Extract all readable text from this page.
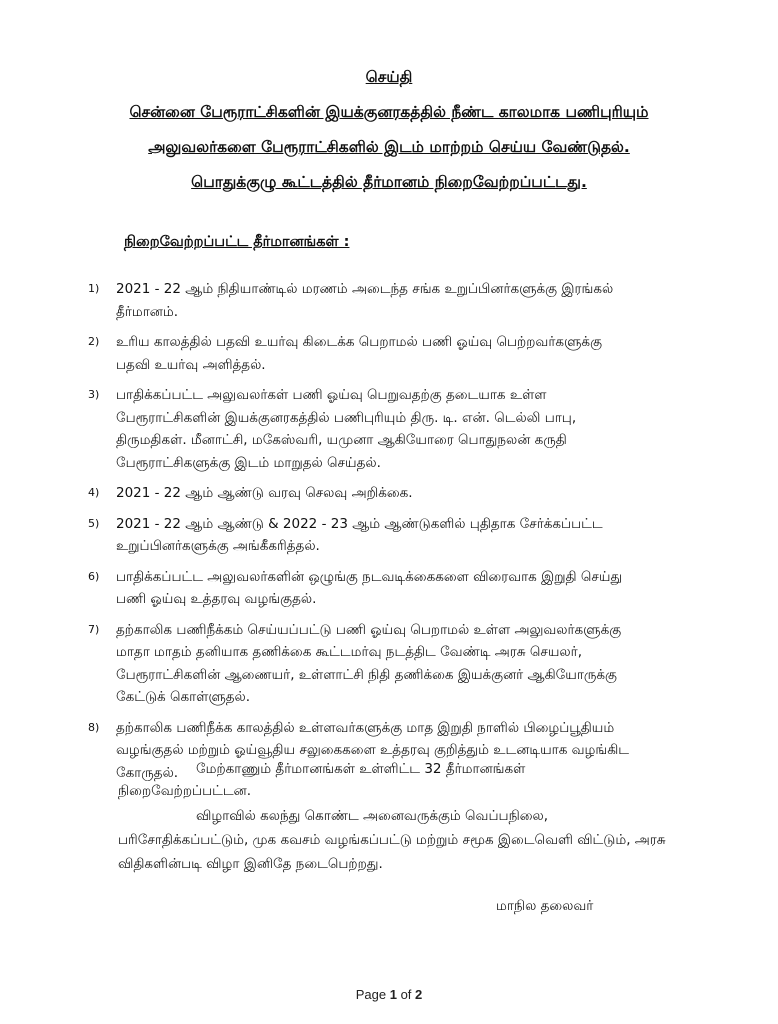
செய்தி
சென்னை பேரூராட்சிகளின் இயக்குனரகத்தில் நீண்ட காலமாக பணிபுரியும்
அலுவலர்களை பேரூராட்சிகளில் இடம் மாற்றம் செய்ய வேண்டுதல்.
பொதுக்குழு கூட்டத்தில் தீர்மானம் நிறைவேற்றப்பட்டது.
நிறைவேற்றப்பட்ட தீர்மானங்கள் :
1) 2021 - 22 ஆம் நிதியாண்டில் மரணம் அடைந்த சங்க உறுப்பினர்களுக்கு இரங்கல்
தீர்மானம்.
2) உரிய காலத்தில் பதவி உயர்வு கிடைக்க பெறாமல் பணி ஓய்வு பெற்றவர்களுக்கு
பதவி உயர்வு அளித்தல்.
3) பாதிக்கப்பட்ட அலுவலர்கள் பணி ஓய்வு பெறுவதற்கு தடையாக உள்ள
பேரூராட்சிகளின் இயக்குனரகத்தில் பணிபுரியும் திரு. டி. என். டெல்லி பாபு,
திருமதிகள். மீனாட்சி, மகேஸ்வரி, யமுனா ஆகியோரை பொதுநலன் கருதி
பேரூராட்சிகளுக்கு இடம் மாறுதல் செய்தல்.
4) 2021 - 22 ஆம் ஆண்டு வரவு செலவு அறிக்கை.
5) 2021 - 22 ஆம் ஆண்டு & 2022 - 23 ஆம் ஆண்டுகளில் புதிதாக சேர்க்கப்பட்ட
உறுப்பினர்களுக்கு அங்கீகரித்தல்.
6) பாதிக்கப்பட்ட அலுவலர்களின் ஒழுங்கு நடவடிக்கைகளை விரைவாக இறுதி செய்து
பணி ஓய்வு உத்தரவு வழங்குதல்.
7) தற்காலிக பணிநீக்கம் செய்யப்பட்டு பணி ஓய்வு பெறாமல் உள்ள அலுவலர்களுக்கு
மாதா மாதம் தனியாக தணிக்கை கூட்டமர்வு நடத்திட வேண்டி அரசு செயலர்,
பேரூராட்சிகளின் ஆணையர், உள்ளாட்சி நிதி தணிக்கை இயக்குனர் ஆகியோருக்கு
கேட்டுக் கொள்ளுதல்.
8) தற்காலிக பணிநீக்க காலத்தில் உள்ளவர்களுக்கு மாத இறுதி நாளில் பிழைப்பூதியம்
வழங்குதல் மற்றும் ஓய்வூதிய சலுகைகளை உத்தரவு குறித்தும் உடனடியாக வழங்கிட
கோருதல்.	மேற்காணும் தீர்மானங்கள் உள்ளிட்ட 32 தீர்மானங்கள்
நிறைவேற்றப்பட்டன.
விழாவில் கலந்து கொண்ட அனைவருக்கும் வெப்பநிலை,
பரிசோதிக்கப்பட்டும், முக கவசம் வழங்கப்பட்டு மற்றும் சமூக இடைவெளி விட்டும், அரசு
விதிகளின்படி விழா இனிதே நடைபெற்றது.
மாநில தலைவர்
Page 1 of 2
